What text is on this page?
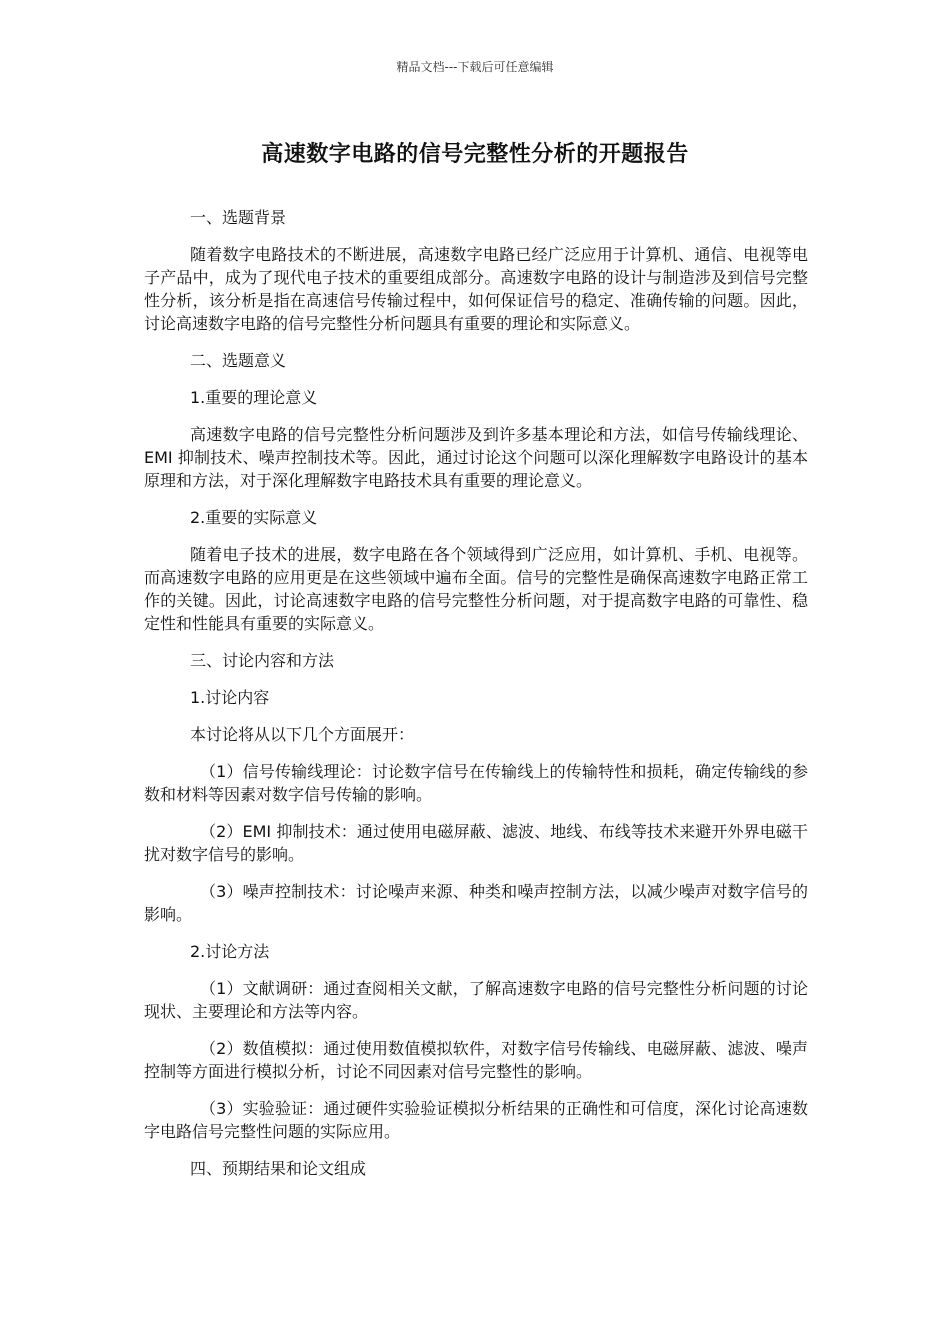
精品文档---下载后可任意编辑
高速数字电路的信号完整性分析的开题报告

一、选题背景

随着数字电路技术的不断进展，高速数字电路已经广泛应用于计算机、通信、电视等电子产品中，成为了现代电子技术的重要组成部分。高速数字电路的设计与制造涉及到信号完整性分析，该分析是指在高速信号传输过程中，如何保证信号的稳定、准确传输的问题。因此，讨论高速数字电路的信号完整性分析问题具有重要的理论和实际意义。

二、选题意义

1.重要的理论意义

高速数字电路的信号完整性分析问题涉及到许多基本理论和方法，如信号传输线理论、EMI 抑制技术、噪声控制技术等。因此，通过讨论这个问题可以深化理解数字电路设计的基本原理和方法，对于深化理解数字电路技术具有重要的理论意义。

2.重要的实际意义

随着电子技术的进展，数字电路在各个领域得到广泛应用，如计算机、手机、电视等。而高速数字电路的应用更是在这些领域中遍布全面。信号的完整性是确保高速数字电路正常工作的关键。因此，讨论高速数字电路的信号完整性分析问题，对于提高数字电路的可靠性、稳定性和性能具有重要的实际意义。

三、讨论内容和方法

1.讨论内容

本讨论将从以下几个方面展开：

（1）信号传输线理论：讨论数字信号在传输线上的传输特性和损耗，确定传输线的参数和材料等因素对数字信号传输的影响。

（2）EMI 抑制技术：通过使用电磁屏蔽、滤波、地线、布线等技术来避开外界电磁干扰对数字信号的影响。

（3）噪声控制技术：讨论噪声来源、种类和噪声控制方法，以减少噪声对数字信号的影响。

2.讨论方法

（1）文献调研：通过查阅相关文献，了解高速数字电路的信号完整性分析问题的讨论现状、主要理论和方法等内容。

（2）数值模拟：通过使用数值模拟软件，对数字信号传输线、电磁屏蔽、滤波、噪声控制等方面进行模拟分析，讨论不同因素对信号完整性的影响。

（3）实验验证：通过硬件实验验证模拟分析结果的正确性和可信度，深化讨论高速数字电路信号完整性问题的实际应用。

四、预期结果和论文组成
